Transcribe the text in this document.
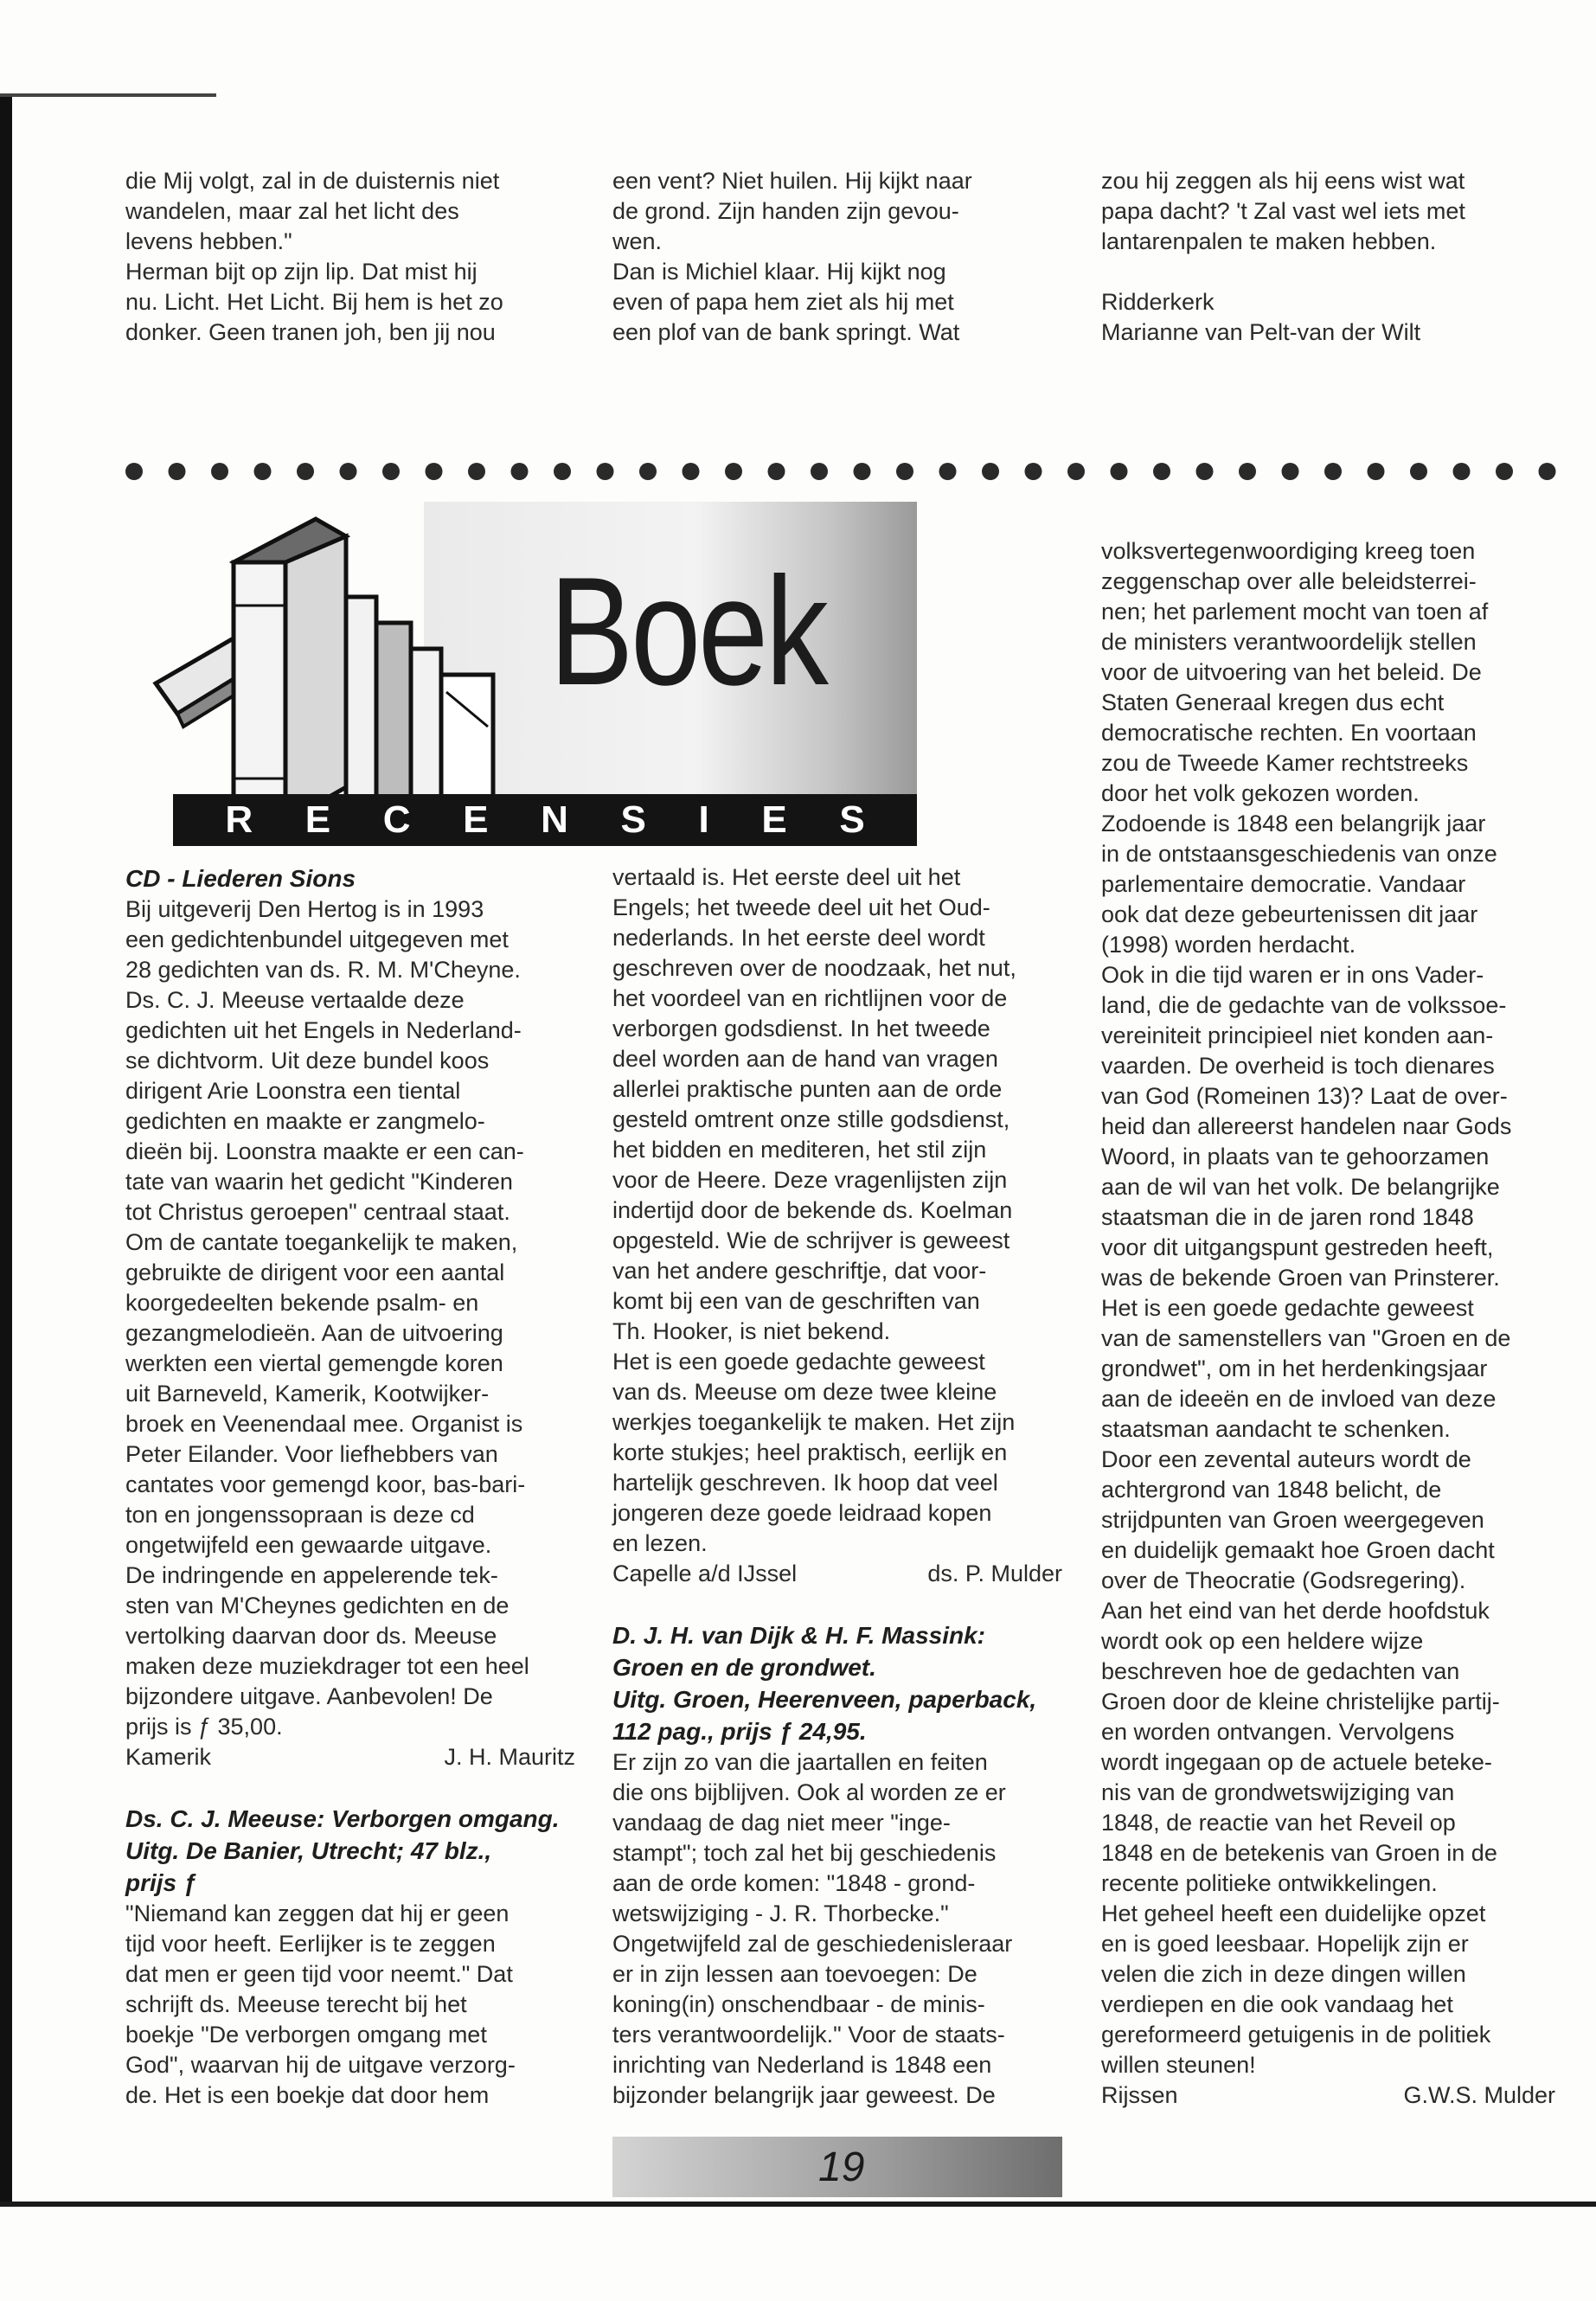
die Mij volgt, zal in de duisternis niet
wandelen, maar zal het licht des
levens hebben."
Herman bijt op zijn lip. Dat mist hij
nu. Licht. Het Licht. Bij hem is het zo
donker. Geen tranen joh, ben jij nou
een vent? Niet huilen. Hij kijkt naar
de grond. Zijn handen zijn gevou-
wen.
Dan is Michiel klaar. Hij kijkt nog
even of papa hem ziet als hij met
een plof van de bank springt. Wat
zou hij zeggen als hij eens wist wat
papa dacht? 't Zal vast wel iets met
lantarenpalen te maken hebben.
Ridderkerk
Marianne van Pelt-van der Wilt
Boek
R E C E N S I E S
CD - Liederen Sions
Bij uitgeverij Den Hertog is in 1993
een gedichtenbundel uitgegeven met
28 gedichten van ds. R. M. M'Cheyne.
Ds. C. J. Meeuse vertaalde deze
gedichten uit het Engels in Nederland-
se dichtvorm. Uit deze bundel koos
dirigent Arie Loonstra een tiental
gedichten en maakte er zangmelo-
dieën bij. Loonstra maakte er een can-
tate van waarin het gedicht "Kinderen
tot Christus geroepen" centraal staat.
Om de cantate toegankelijk te maken,
gebruikte de dirigent voor een aantal
koorgedeelten bekende psalm- en
gezangmelodieën. Aan de uitvoering
werkten een viertal gemengde koren
uit Barneveld, Kamerik, Kootwijker-
broek en Veenendaal mee. Organist is
Peter Eilander. Voor liefhebbers van
cantates voor gemengd koor, bas-bari-
ton en jongenssopraan is deze cd
ongetwijfeld een gewaarde uitgave.
De indringende en appelerende tek-
sten van M'Cheynes gedichten en de
vertolking daarvan door ds. Meeuse
maken deze muziekdrager tot een heel
bijzondere uitgave. Aanbevolen! De
prijs is ƒ 35,00.
Kamerik	J. H. Mauritz
Ds. C. J. Meeuse: Verborgen omgang.
Uitg. De Banier, Utrecht; 47 blz.,
prijs ƒ
"Niemand kan zeggen dat hij er geen
tijd voor heeft. Eerlijker is te zeggen
dat men er geen tijd voor neemt." Dat
schrijft ds. Meeuse terecht bij het
boekje "De verborgen omgang met
God", waarvan hij de uitgave verzorg-
de. Het is een boekje dat door hem
vertaald is. Het eerste deel uit het
Engels; het tweede deel uit het Oud-
nederlands. In het eerste deel wordt
geschreven over de noodzaak, het nut,
het voordeel van en richtlijnen voor de
verborgen godsdienst. In het tweede
deel worden aan de hand van vragen
allerlei praktische punten aan de orde
gesteld omtrent onze stille godsdienst,
het bidden en mediteren, het stil zijn
voor de Heere. Deze vragenlijsten zijn
indertijd door de bekende ds. Koelman
opgesteld. Wie de schrijver is geweest
van het andere geschriftje, dat voor-
komt bij een van de geschriften van
Th. Hooker, is niet bekend.
Het is een goede gedachte geweest
van ds. Meeuse om deze twee kleine
werkjes toegankelijk te maken. Het zijn
korte stukjes; heel praktisch, eerlijk en
hartelijk geschreven. Ik hoop dat veel
jongeren deze goede leidraad kopen
en lezen.
Capelle a/d IJssel	ds. P. Mulder
D. J. H. van Dijk & H. F. Massink:
Groen en de grondwet.
Uitg. Groen, Heerenveen, paperback,
112 pag., prijs ƒ 24,95.
Er zijn zo van die jaartallen en feiten
die ons bijblijven. Ook al worden ze er
vandaag de dag niet meer "inge-
stampt"; toch zal het bij geschiedenis
aan de orde komen: "1848 - grond-
wetswijziging - J. R. Thorbecke."
Ongetwijfeld zal de geschiedenisleraar
er in zijn lessen aan toevoegen: De
koning(in) onschendbaar - de minis-
ters verantwoordelijk." Voor de staats-
inrichting van Nederland is 1848 een
bijzonder belangrijk jaar geweest. De
volksvertegenwoordiging kreeg toen
zeggenschap over alle beleidsterrei-
nen; het parlement mocht van toen af
de ministers verantwoordelijk stellen
voor de uitvoering van het beleid. De
Staten Generaal kregen dus echt
democratische rechten. En voortaan
zou de Tweede Kamer rechtstreeks
door het volk gekozen worden.
Zodoende is 1848 een belangrijk jaar
in de ontstaansgeschiedenis van onze
parlementaire democratie. Vandaar
ook dat deze gebeurtenissen dit jaar
(1998) worden herdacht.
Ook in die tijd waren er in ons Vader-
land, die de gedachte van de volkssoe-
vereiniteit principieel niet konden aan-
vaarden. De overheid is toch dienares
van God (Romeinen 13)? Laat de over-
heid dan allereerst handelen naar Gods
Woord, in plaats van te gehoorzamen
aan de wil van het volk. De belangrijke
staatsman die in de jaren rond 1848
voor dit uitgangspunt gestreden heeft,
was de bekende Groen van Prinsterer.
Het is een goede gedachte geweest
van de samenstellers van "Groen en de
grondwet", om in het herdenkingsjaar
aan de ideeën en de invloed van deze
staatsman aandacht te schenken.
Door een zevental auteurs wordt de
achtergrond van 1848 belicht, de
strijdpunten van Groen weergegeven
en duidelijk gemaakt hoe Groen dacht
over de Theocratie (Godsregering).
Aan het eind van het derde hoofdstuk
wordt ook op een heldere wijze
beschreven hoe de gedachten van
Groen door de kleine christelijke partij-
en worden ontvangen. Vervolgens
wordt ingegaan op de actuele beteke-
nis van de grondwetswijziging van
1848, de reactie van het Reveil op
1848 en de betekenis van Groen in de
recente politieke ontwikkelingen.
Het geheel heeft een duidelijke opzet
en is goed leesbaar. Hopelijk zijn er
velen die zich in deze dingen willen
verdiepen en die ook vandaag het
gereformeerd getuigenis in de politiek
willen steunen!
Rijssen	G.W.S. Mulder
19
